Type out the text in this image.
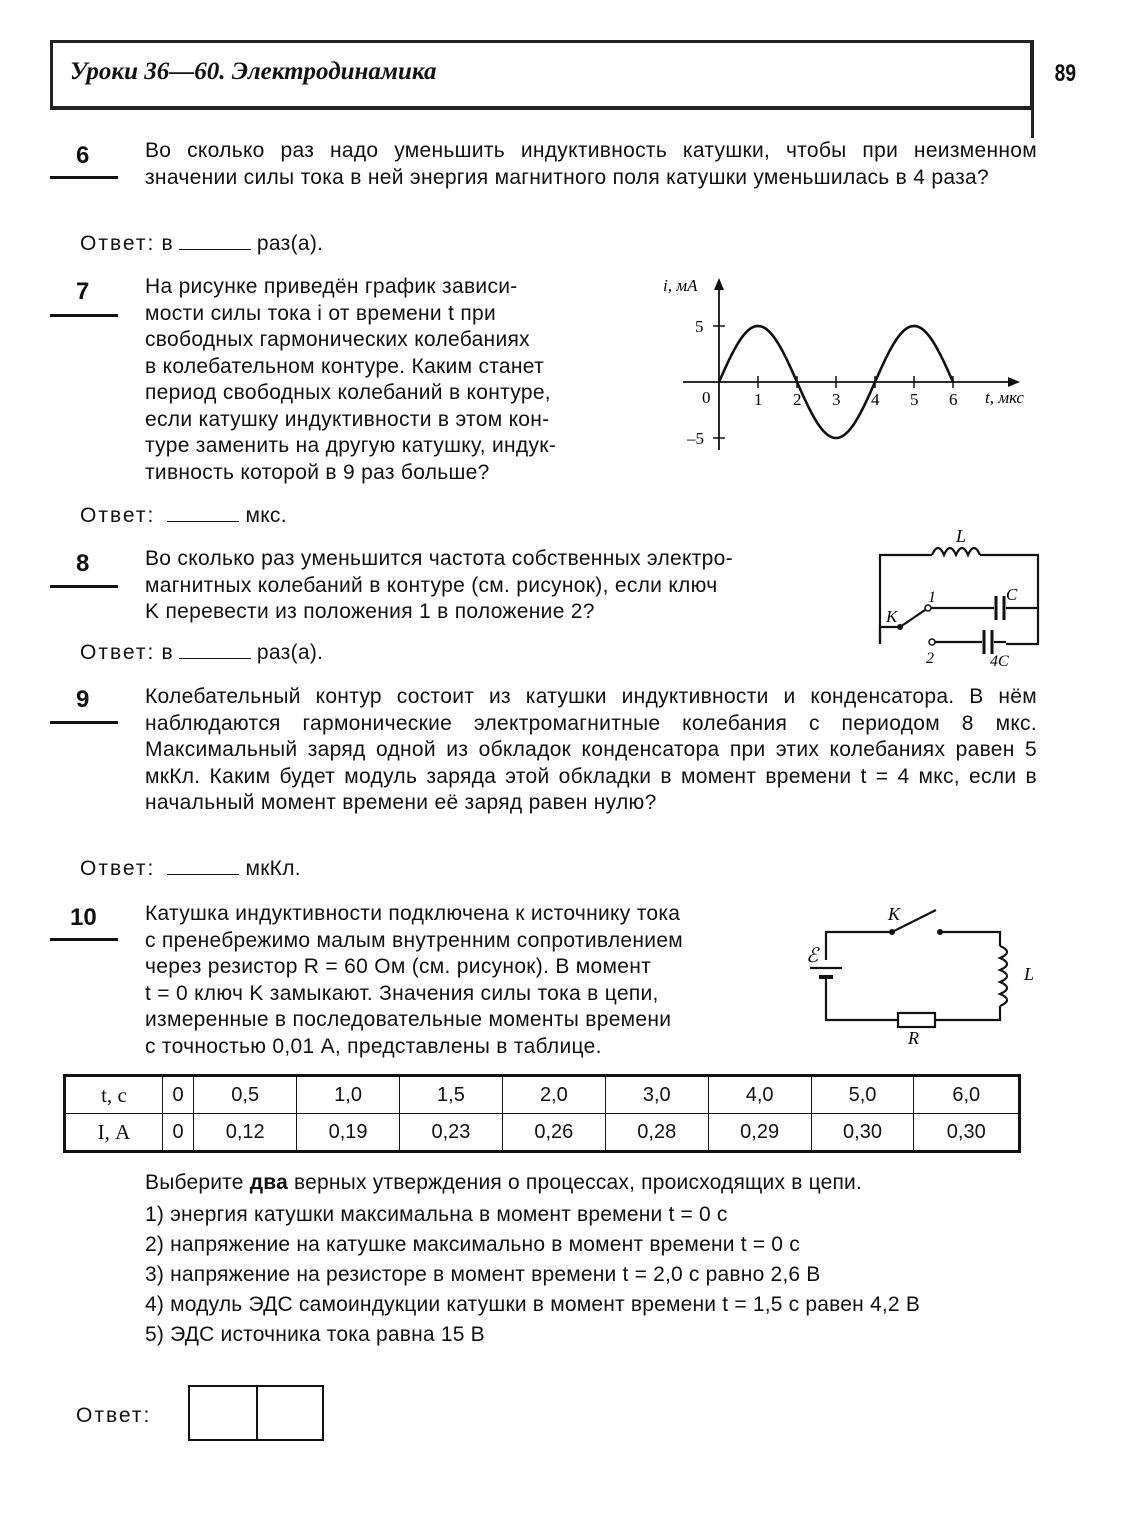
Уроки 36—60. Электродинамика	89
6	Во сколько раз надо уменьшить индуктивность катушки, чтобы при неизменном значении силы тока в ней энергия магнитного поля катушки уменьшилась в 4 раза?
Ответ: в	раз(а).
7	На рисунке приведён график зависи-
мости силы тока i от времени t при
свободных гармонических колебаниях
в колебательном контуре. Каким станет
период свободных колебаний в контуре,
если катушку индуктивности в этом кон-
туре заменить на другую катушку, индук-
тивность которой в 9 раз больше?
i, мА
t, мкс
5
0
–5
1 2 3 4 5 6
Ответ:	мкс.
8	Во сколько раз уменьшится частота собственных электро-
магнитных колебаний в контуре (см. рисунок), если ключ
K перевести из положения 1 в положение 2?
Ответ: в	раз(а).
L
K
1
2
C
4C
9	Колебательный контур состоит из катушки индуктивности и конденсатора. В нём наблюдаются гармонические электромагнитные колебания с периодом 8 мкс. Максимальный заряд одной из обкладок конденсатора при этих колебаниях равен 5 мкКл. Каким будет модуль заряда этой обкладки в момент времени t = 4 мкс, если в начальный момент времени её заряд равен нулю?
Ответ:	мкКл.
10 Катушка индуктивности подключена к источнику тока
с пренебрежимо малым внутренним сопротивлением
через резистор R = 60 Ом (см. рисунок). В момент
t = 0 ключ K замыкают. Значения силы тока в цепи,
измеренные в последовательные моменты времени
с точностью 0,01 А, представлены в таблице.
ℰ
K
L
R
t, с	0	0,5	1,0	1,5	2,0	3,0	4,0	5,0	6,0
I, А	0	0,12	0,19	0,23	0,26	0,28	0,29	0,30	0,30
Выберите два верных утверждения о процессах, происходящих в цепи.
1) энергия катушки максимальна в момент времени t = 0 с
2) напряжение на катушке максимально в момент времени t = 0 с
3) напряжение на резисторе в момент времени t = 2,0 с равно 2,6 В
4) модуль ЭДС самоиндукции катушки в момент времени t = 1,5 с равен 4,2 В
5) ЭДС источника тока равна 15 В
Ответ:
